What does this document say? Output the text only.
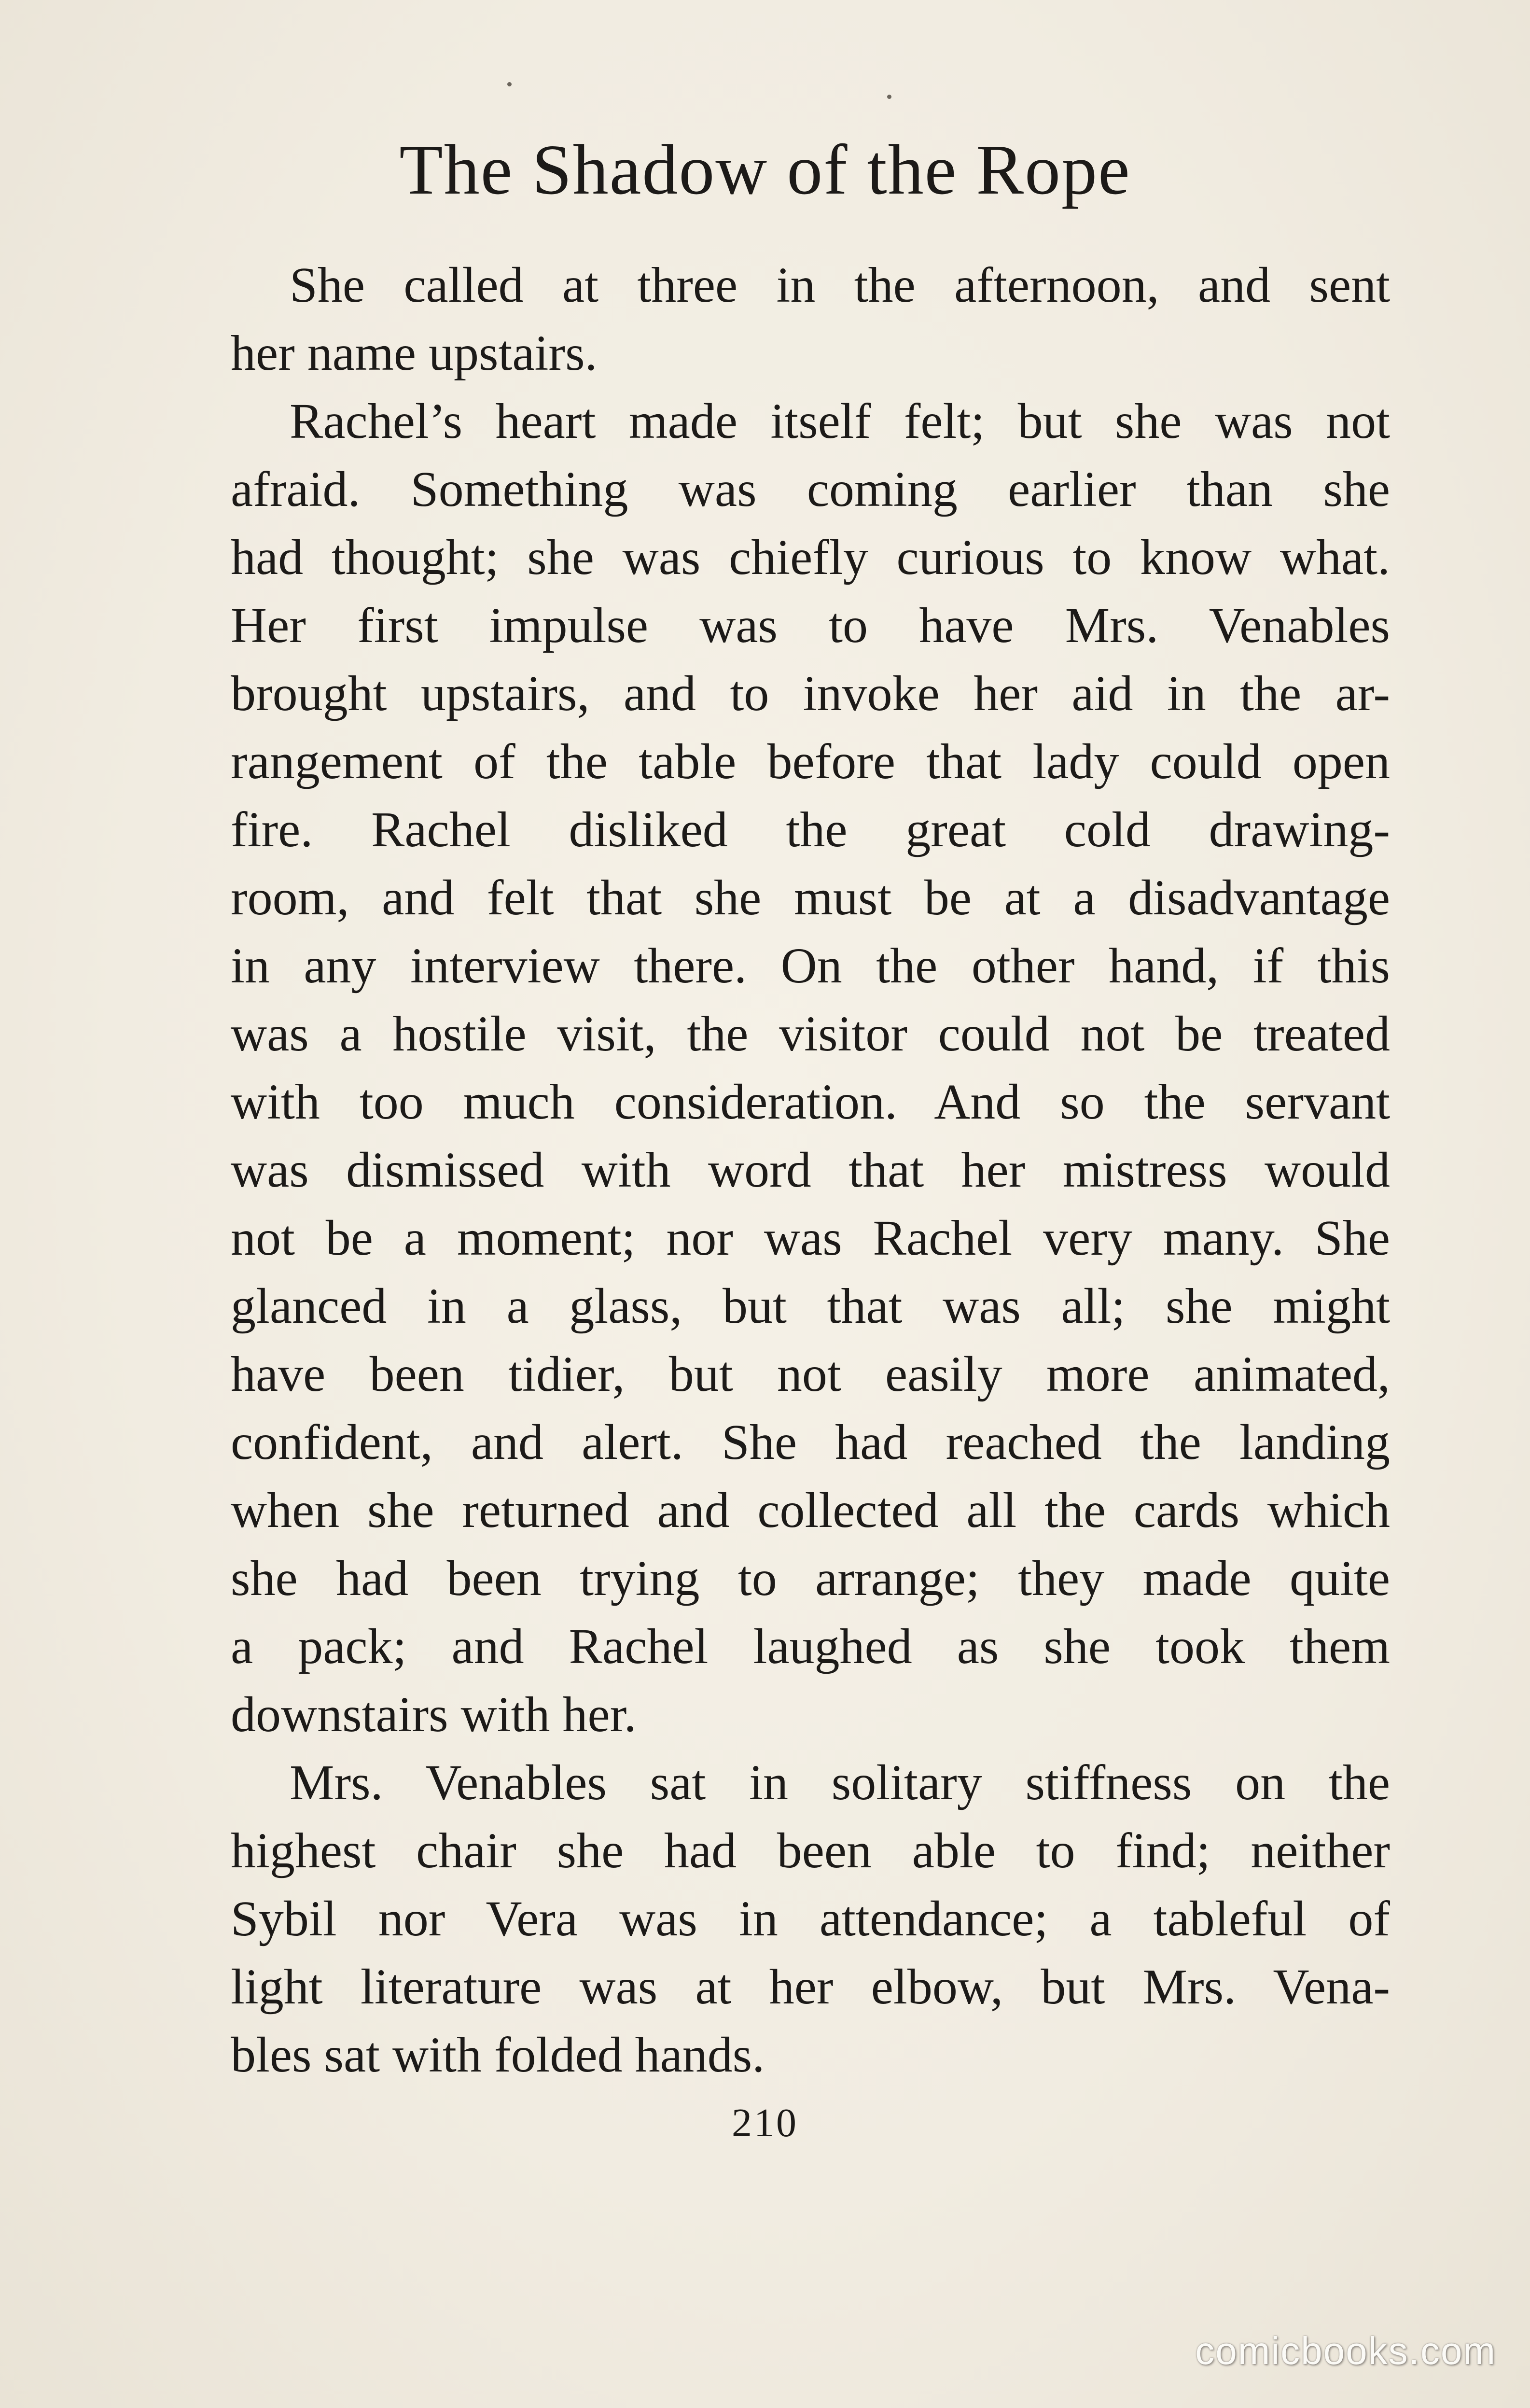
The Shadow of the Rope
She called at three in the afternoon, and sent
her name upstairs.
Rachel’s heart made itself felt; but she was not
afraid. Something was coming earlier than she
had thought; she was chiefly curious to know what.
Her first impulse was to have Mrs. Venables
brought upstairs, and to invoke her aid in the ar-
rangement of the table before that lady could open
fire. Rachel disliked the great cold drawing-
room, and felt that she must be at a disadvantage
in any interview there. On the other hand, if this
was a hostile visit, the visitor could not be treated
with too much consideration. And so the servant
was dismissed with word that her mistress would
not be a moment; nor was Rachel very many. She
glanced in a glass, but that was all; she might
have been tidier, but not easily more animated,
confident, and alert. She had reached the landing
when she returned and collected all the cards which
she had been trying to arrange; they made quite
a pack; and Rachel laughed as she took them
downstairs with her.
Mrs. Venables sat in solitary stiffness on the
highest chair she had been able to find; neither
Sybil nor Vera was in attendance; a tableful of
light literature was at her elbow, but Mrs. Vena-
bles sat with folded hands.
210
comicbooks.com
